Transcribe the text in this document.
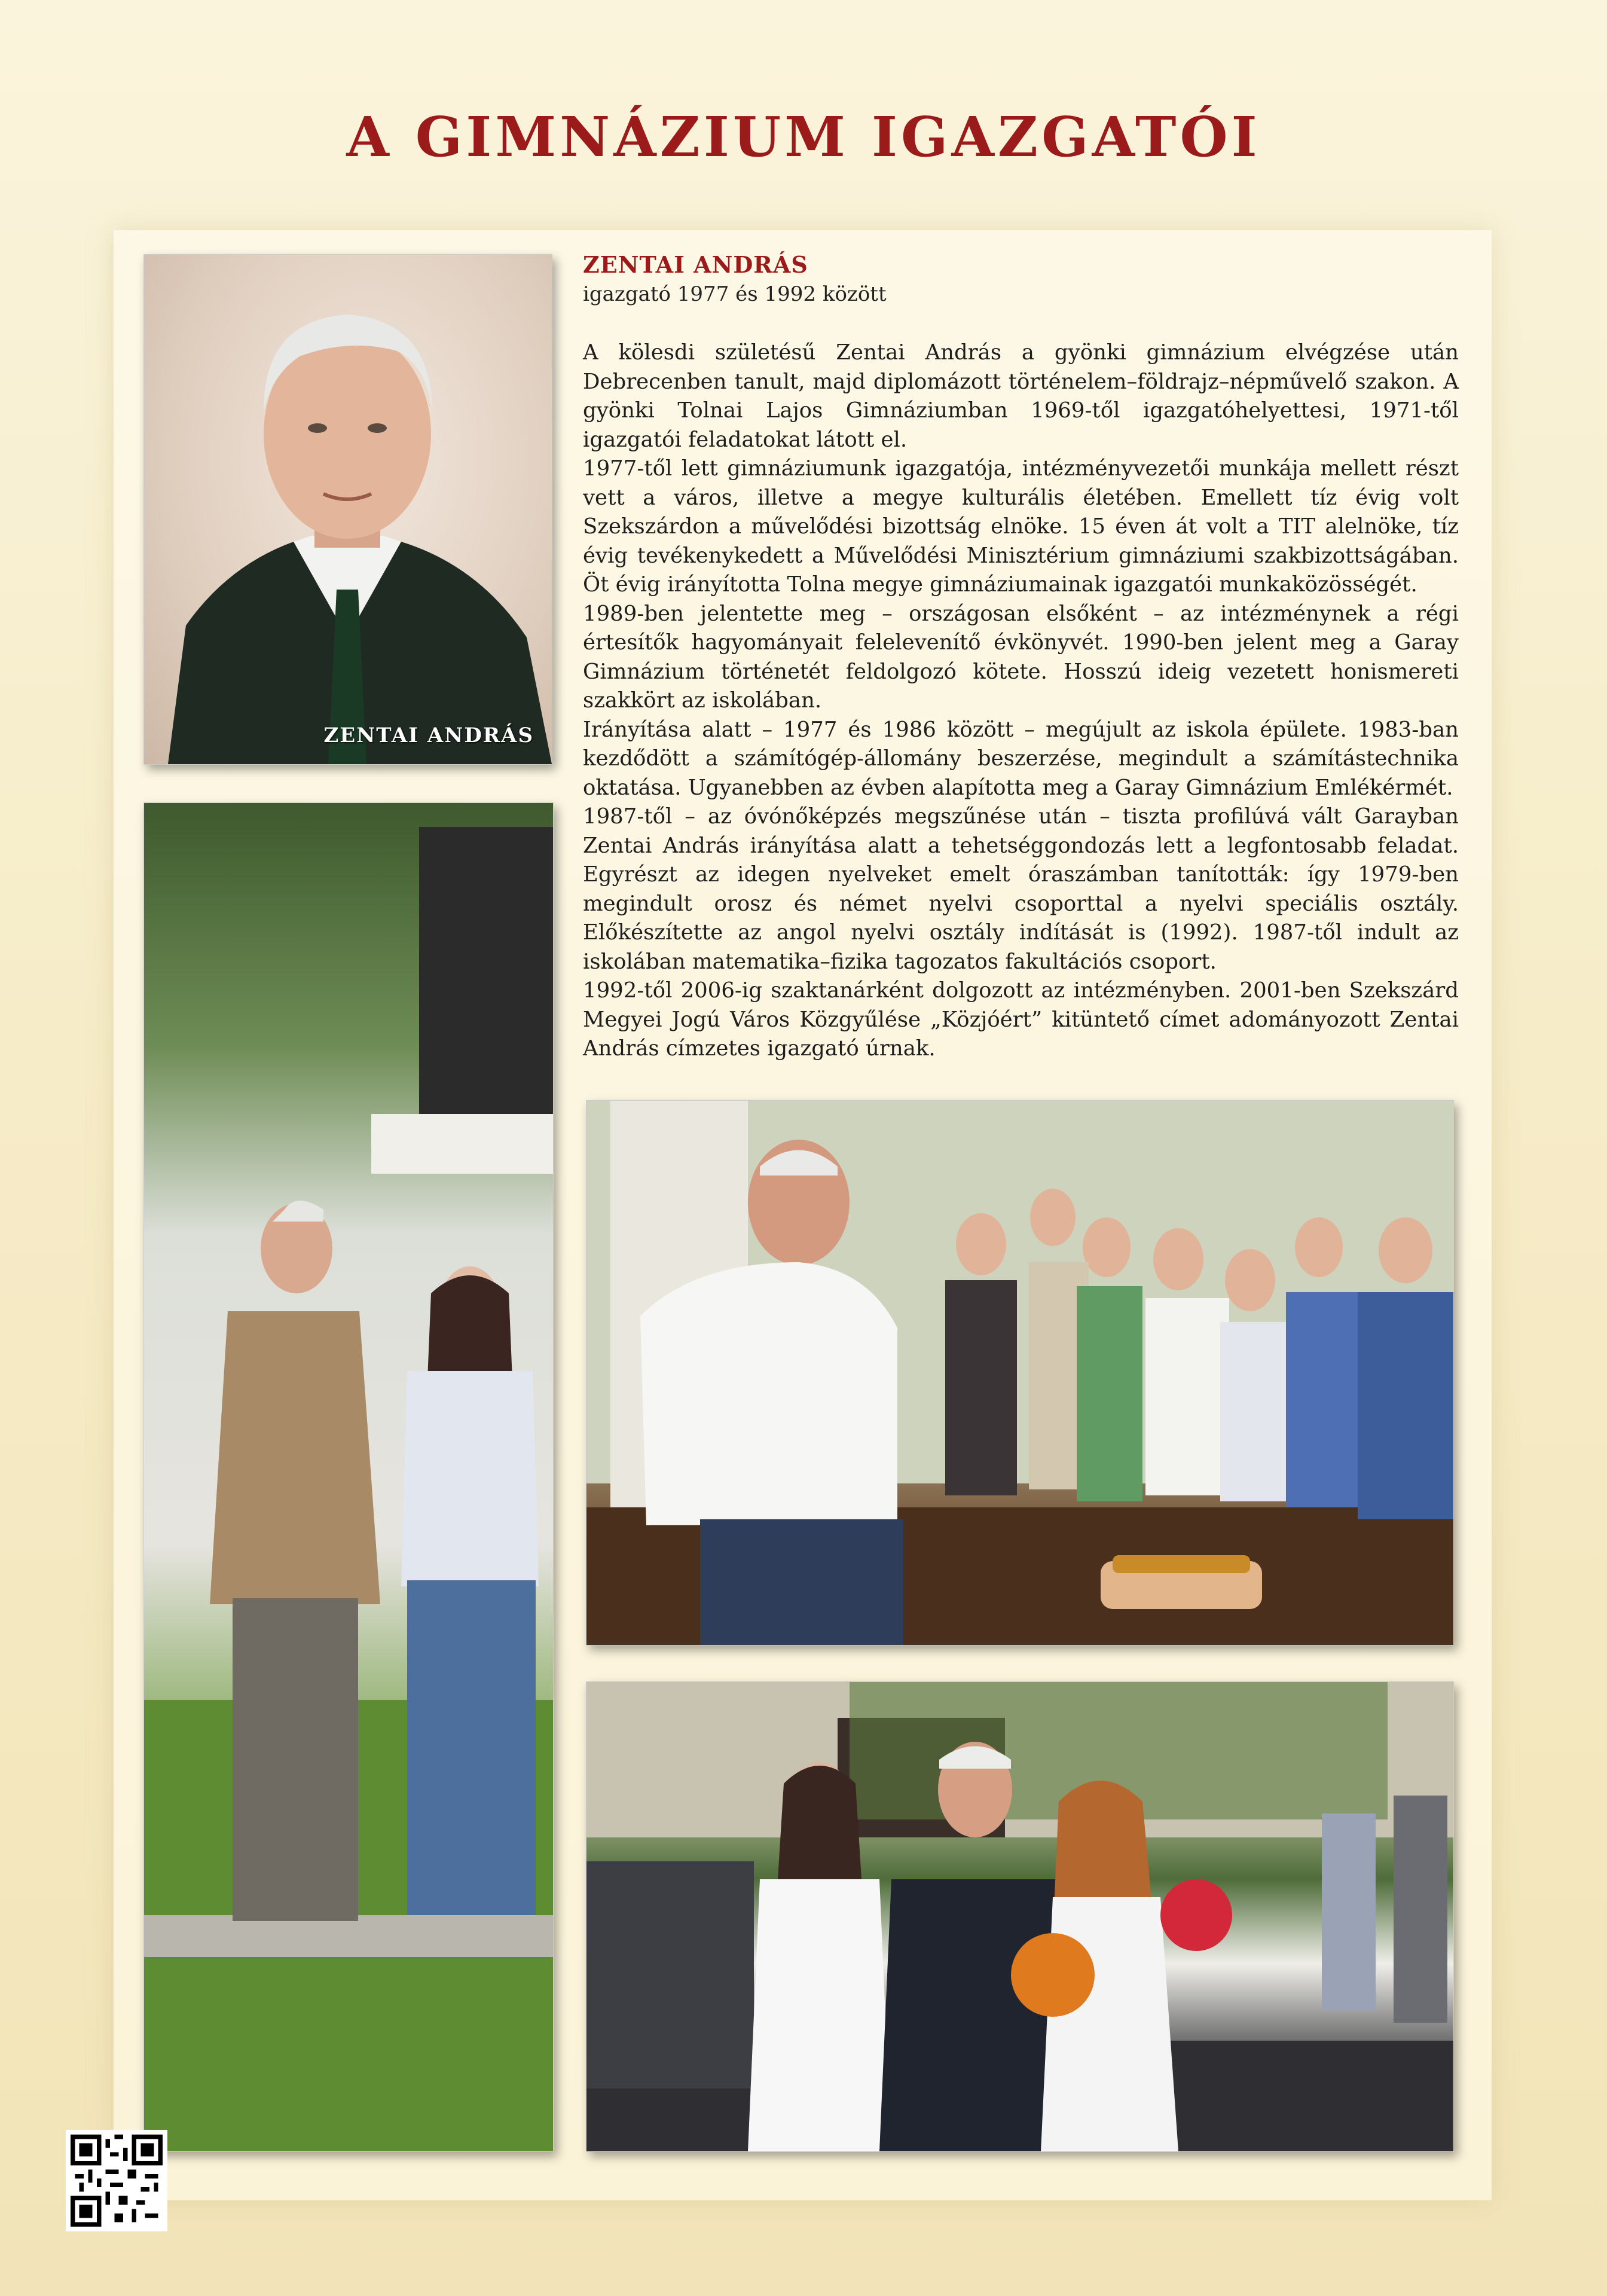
A GIMNÁZIUM IGAZGATÓI

ZENTAI ANDRÁS

ZENTAI ANDRÁS

igazgató 1977 és 1992 között

A kölesdi születésű Zentai András a gyönki gimnázium elvégzése után Debrecenben tanult, majd diplomázott történelem–földrajz–népművelő szakon. A gyönki Tolnai Lajos Gimnáziumban 1969-től igazgatóhelyettesi, 1971-től igazgatói feladatokat látott el.

1977-től lett gimnáziumunk igazgatója, intézményvezetői munkája mellett részt vett a város, illetve a megye kulturális életében. Emellett tíz évig volt Szekszárdon a művelődési bizottság elnöke. 15 éven át volt a TIT alelnöke, tíz évig tevékenykedett a Művelődési Minisztérium gimnáziumi szakbizottságában. Öt évig irányította Tolna megye gimnáziumainak igazgatói munkaközösségét.

1989-ben jelentette meg – országosan elsőként – az intézménynek a régi értesítők hagyományait felelevenítő évkönyvét. 1990-ben jelent meg a Garay Gimnázium történetét feldolgozó kötete. Hosszú ideig vezetett honismereti szakkört az iskolában.

Irányítása alatt – 1977 és 1986 között – megújult az iskola épülete. 1983-ban kezdődött a számítógép-állomány beszerzése, megindult a számítástechnika oktatása. Ugyanebben az évben alapította meg a Garay Gimnázium Emlékérmét.

1987-től – az óvónőképzés megszűnése után – tiszta profilúvá vált Garayban Zentai András irányítása alatt a tehetséggondozás lett a legfontosabb feladat. Egyrészt az idegen nyelveket emelt óraszámban tanították: így 1979-ben megindult orosz és német nyelvi csoporttal a nyelvi speciális osztály. Előkészítette az angol nyelvi osztály indítását is (1992). 1987-től indult az iskolában matematika–fizika tagozatos fakultációs csoport.

1992-től 2006-ig szaktanárként dolgozott az intézményben. 2001-ben Szekszárd Megyei Jogú Város Közgyűlése „Közjóért” kitüntető címet adományozott Zentai András címzetes igazgató úrnak.
